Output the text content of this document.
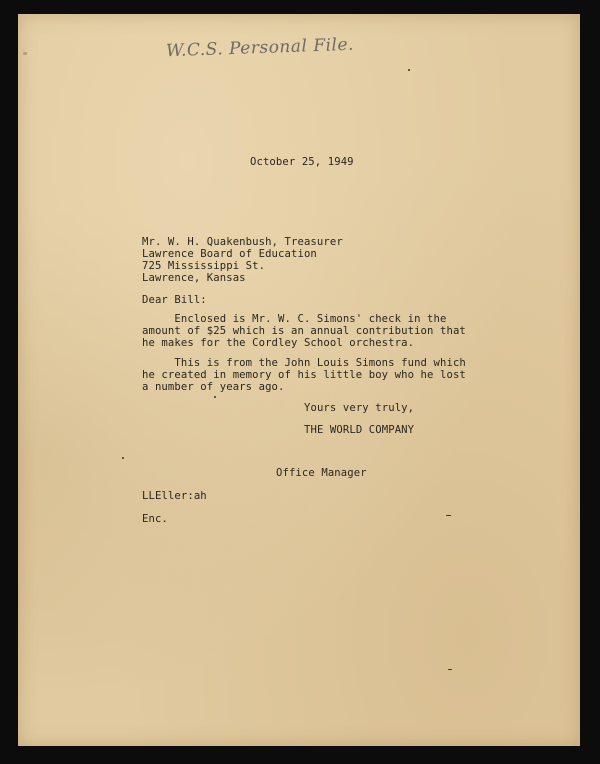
W.C.S. Personal File.
October 25, 1949
Mr. W. H. Quakenbush, Treasurer
Lawrence Board of Education
725 Mississippi St.
Lawrence, Kansas
Dear Bill:
Enclosed is Mr. W. C. Simons' check in the
amount of $25 which is an annual contribution that
he makes for the Cordley School orchestra.
This is from the John Louis Simons fund which
he created in memory of his little boy who he lost
a number of years ago.
Yours very truly,
THE WORLD COMPANY
Office Manager
LLEller:ah
Enc.
